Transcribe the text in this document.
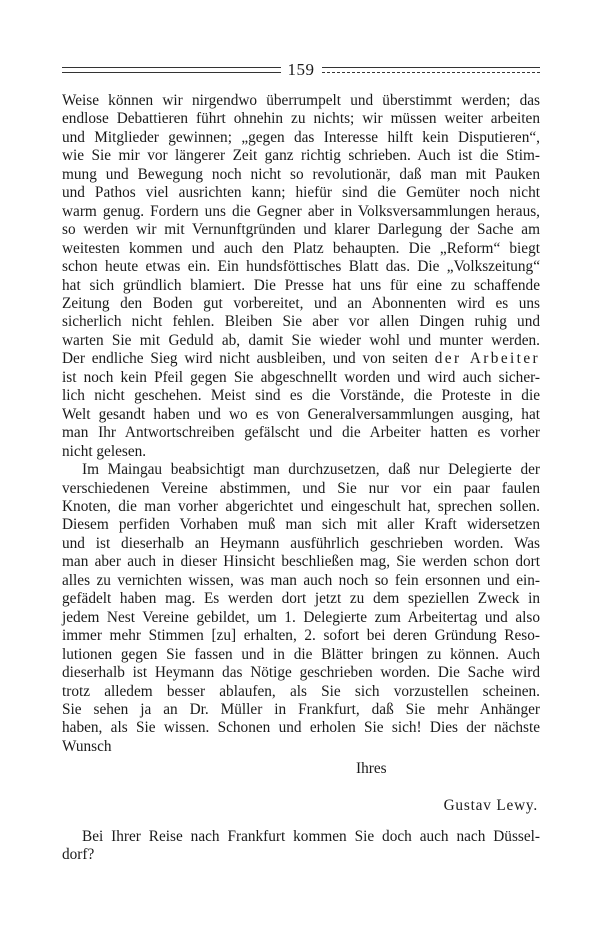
159
Weise können wir nirgendwo überrumpelt und überstimmt werden; das
endlose Debattieren führt ohnehin zu nichts; wir müssen weiter arbeiten
und Mitglieder gewinnen; „gegen das Interesse hilft kein Disputieren“,
wie Sie mir vor längerer Zeit ganz richtig schrieben. Auch ist die Stim-
mung und Bewegung noch nicht so revolutionär, daß man mit Pauken
und Pathos viel ausrichten kann; hiefür sind die Gemüter noch nicht
warm genug. Fordern uns die Gegner aber in Volksversammlungen heraus,
so werden wir mit Vernunftgründen und klarer Darlegung der Sache am
weitesten kommen und auch den Platz behaupten. Die „Reform“ biegt
schon heute etwas ein. Ein hundsföttisches Blatt das. Die „Volkszeitung“
hat sich gründlich blamiert. Die Presse hat uns für eine zu schaffende
Zeitung den Boden gut vorbereitet, und an Abonnenten wird es uns
sicherlich nicht fehlen. Bleiben Sie aber vor allen Dingen ruhig und
warten Sie mit Geduld ab, damit Sie wieder wohl und munter werden.
Der endliche Sieg wird nicht ausbleiben, und von seiten der Arbeiter
ist noch kein Pfeil gegen Sie abgeschnellt worden und wird auch sicher-
lich nicht geschehen. Meist sind es die Vorstände, die Proteste in die
Welt gesandt haben und wo es von Generalversammlungen ausging, hat
man Ihr Antwortschreiben gefälscht und die Arbeiter hatten es vorher
nicht gelesen.
Im Maingau beabsichtigt man durchzusetzen, daß nur Delegierte der
verschiedenen Vereine abstimmen, und Sie nur vor ein paar faulen
Knoten, die man vorher abgerichtet und eingeschult hat, sprechen sollen.
Diesem perfiden Vorhaben muß man sich mit aller Kraft widersetzen
und ist dieserhalb an Heymann ausführlich geschrieben worden. Was
man aber auch in dieser Hinsicht beschließen mag, Sie werden schon dort
alles zu vernichten wissen, was man auch noch so fein ersonnen und ein-
gefädelt haben mag. Es werden dort jetzt zu dem speziellen Zweck in
jedem Nest Vereine gebildet, um 1. Delegierte zum Arbeitertag und also
immer mehr Stimmen [zu] erhalten, 2. sofort bei deren Gründung Reso-
lutionen gegen Sie fassen und in die Blätter bringen zu können. Auch
dieserhalb ist Heymann das Nötige geschrieben worden. Die Sache wird
trotz alledem besser ablaufen, als Sie sich vorzustellen scheinen.
Sie sehen ja an Dr. Müller in Frankfurt, daß Sie mehr Anhänger
haben, als Sie wissen. Schonen und erholen Sie sich! Dies der nächste
Wunsch
Ihres
Gustav Lewy.
Bei Ihrer Reise nach Frankfurt kommen Sie doch auch nach Düssel-
dorf?
